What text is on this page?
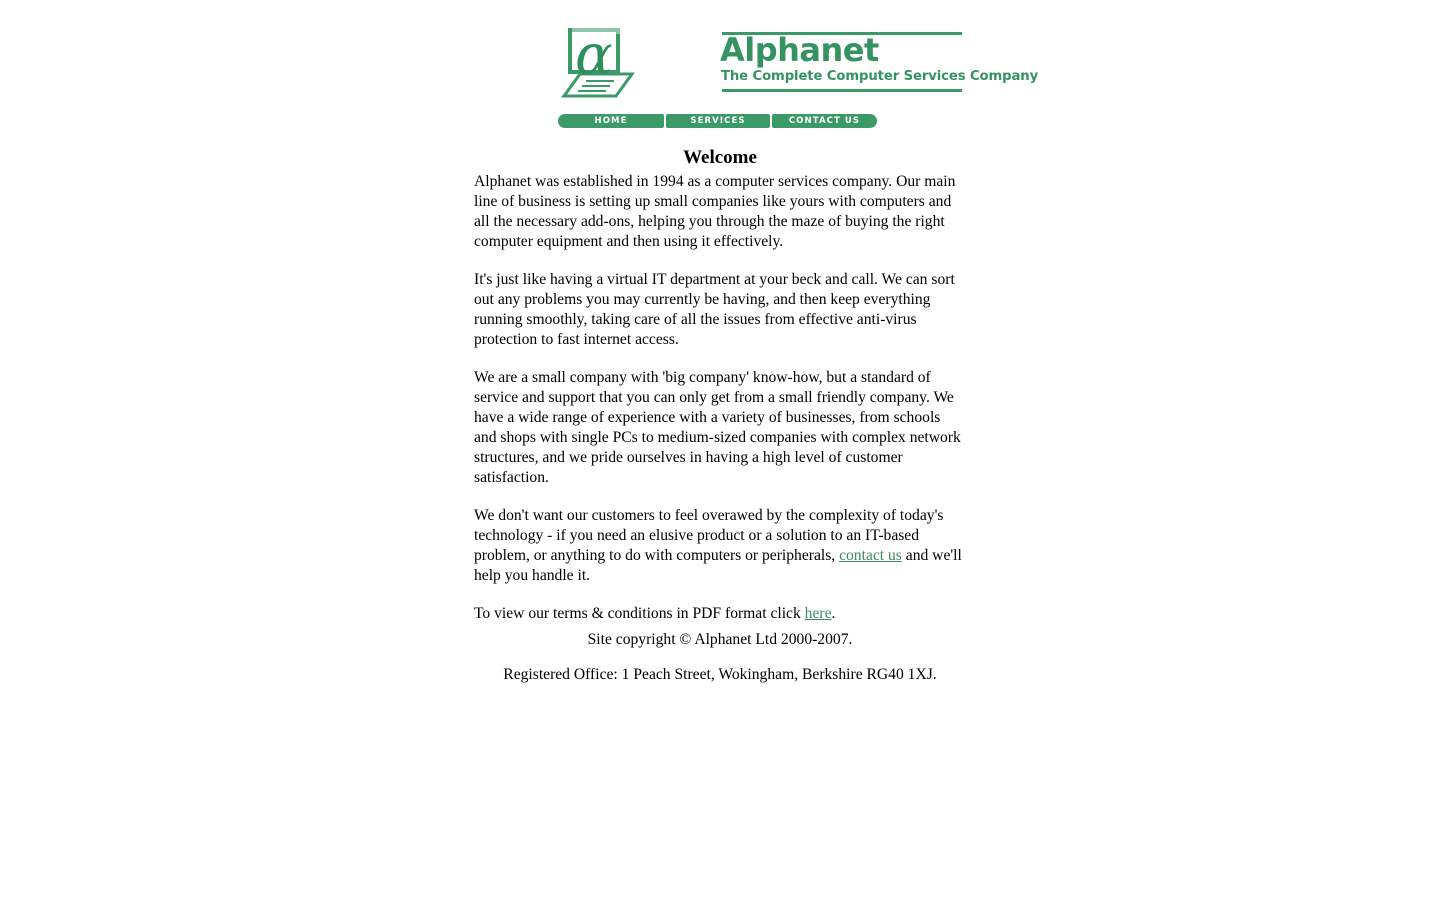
α	Alphanet
The Complete Computer Services Company
HOME	SERVICES	CONTACT US
Welcome

Alphanet was established in 1994 as a computer services company. Our main line of business is setting up small companies like yours with computers and all the necessary add-ons, helping you through the maze of buying the right computer equipment and then using it effectively.

It's just like having a virtual IT department at your beck and call. We can sort out any problems you may currently be having, and then keep everything running smoothly, taking care of all the issues from effective anti-virus protection to fast internet access.

We are a small company with 'big company' know-how, but a standard of service and support that you can only get from a small friendly company. We have a wide range of experience with a variety of businesses, from schools and shops with single PCs to medium-sized companies with complex network structures, and we pride ourselves in having a high level of customer satisfaction.

We don't want our customers to feel overawed by the complexity of today's technology - if you need an elusive product or a solution to an IT-based problem, or anything to do with computers or peripherals, contact us and we'll help you handle it.

To view our terms & conditions in PDF format click here.

Site copyright © Alphanet Ltd 2000-2007.
Registered Office: 1 Peach Street, Wokingham, Berkshire RG40 1XJ.
